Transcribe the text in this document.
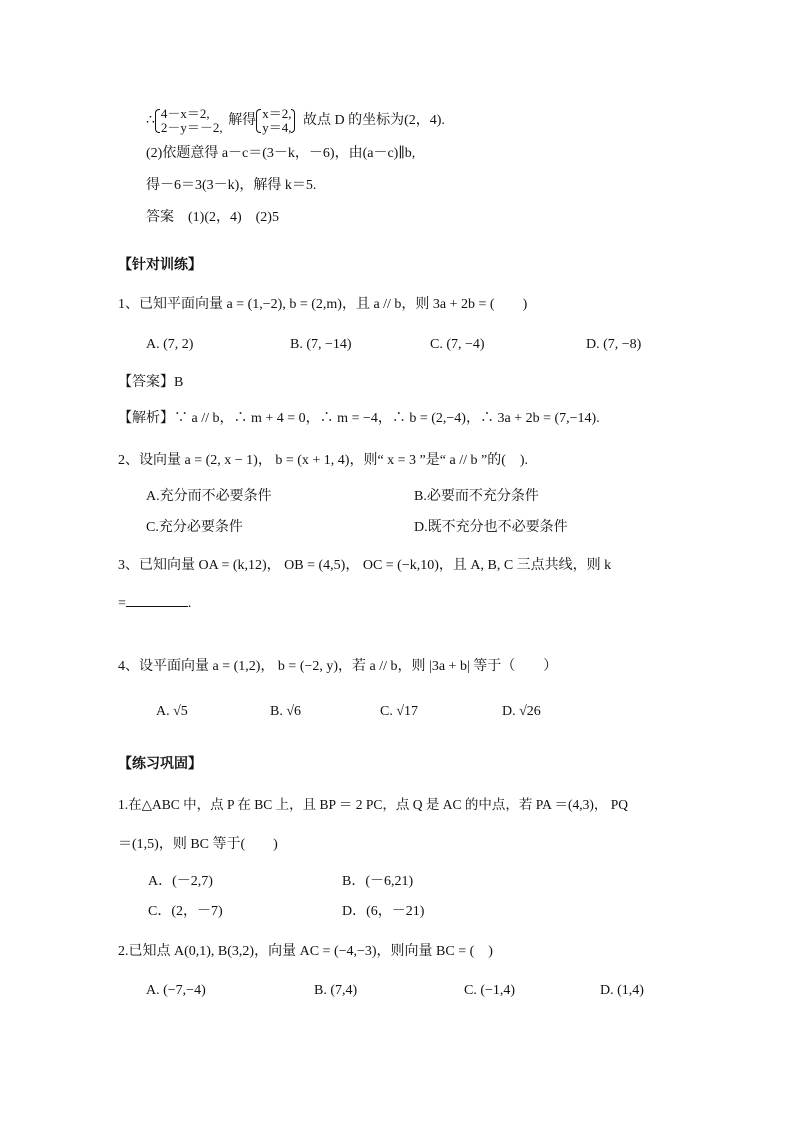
∴ 4－x＝2,
2－y＝－2, 解得 x＝2,
y＝4, 故点 D 的坐标为(2，4).
(2)依题意得 a－c＝(3－k，－6)，由(a－c)∥b,
得－6＝3(3－k)，解得 k＝5.
答案　(1)(2，4)　(2)5
【针对训练】
1、已知平面向量 a = (1,−2), b = (2,m)，且 a // b，则 3a + 2b = (　　)
A. (7, 2)	B. (7, −14)	C. (7, −4)	D. (7, −8)
【答案】B
【解析】∵ a // b，∴ m + 4 = 0，∴ m = −4，∴ b = (2,−4)，∴ 3a + 2b = (7,−14).
2、设向量 a = (2, x − 1)， b = (x + 1, 4)，则“ x = 3 ”是“ a // b ”的(　).
A.充分而不必要条件	B.必要而不充分条件
C.充分必要条件	D.既不充分也不必要条件
3、已知向量 OA = (k,12)， OB = (4,5)， OC = (−k,10)，且 A, B, C 三点共线，则 k
=	.
4、设平面向量 a = (1,2)， b = (−2, y)，若 a // b，则 |3a + b| 等于（　　）
A. √5	B. √6	C. √17	D. √26
【练习巩固】
1.在△ABC 中，点 P 在 BC 上，且 BP ＝ 2 PC，点 Q 是 AC 的中点，若 PA ＝(4,3)， PQ
＝(1,5)，则 BC 等于(　　)
A．(－2,7)	B．(－6,21)
C．(2，－7)	D．(6，－21)
2.已知点 A(0,1), B(3,2)，向量 AC = (−4,−3)，则向量 BC = (　)
A. (−7,−4)	B. (7,4)	C. (−1,4)	D. (1,4)
